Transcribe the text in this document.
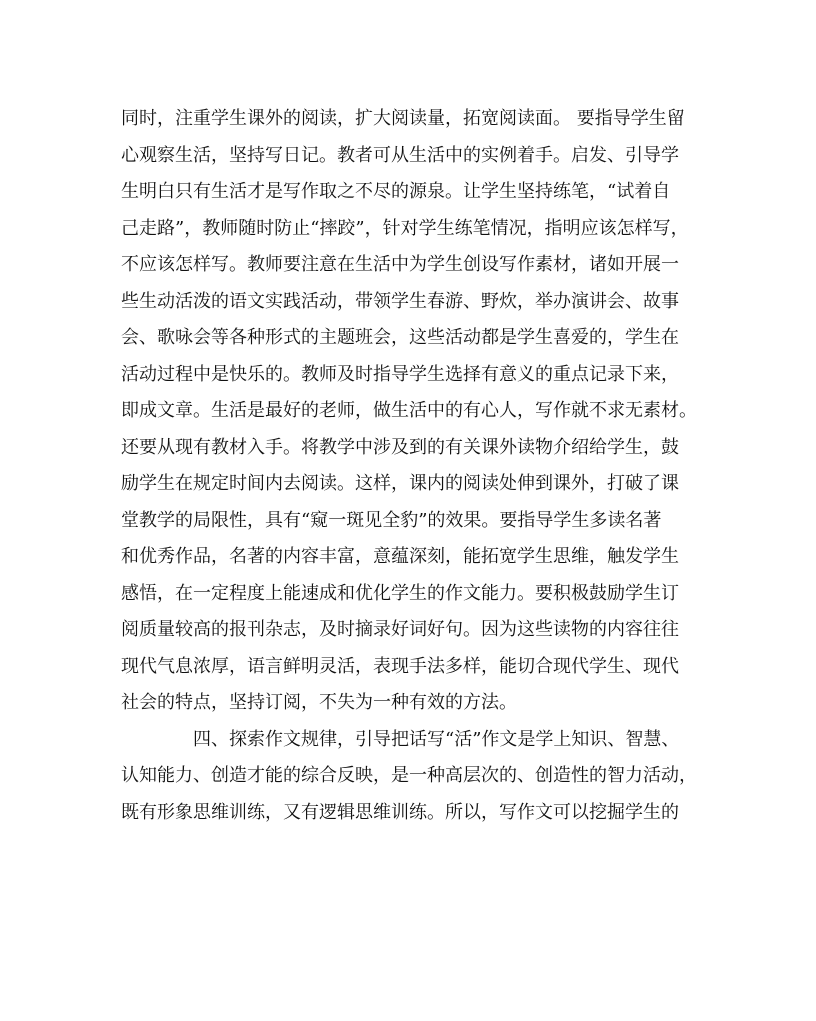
同时，注重学生课外的阅读，扩大阅读量，拓宽阅读面。 要指导学生留
心观察生活，坚持写日记。教者可从生活中的实例着手。启发、引导学
生明白只有生活才是写作取之不尽的源泉。让学生坚持练笔，“试着自
己走路”，教师随时防止“摔跤”，针对学生练笔情况，指明应该怎样写，
不应该怎样写。教师要注意在生活中为学生创设写作素材，诸如开展一
些生动活泼的语文实践活动，带领学生春游、野炊，举办演讲会、故事
会、歌咏会等各种形式的主题班会，这些活动都是学生喜爱的，学生在
活动过程中是快乐的。教师及时指导学生选择有意义的重点记录下来，
即成文章。生活是最好的老师，做生活中的有心人，写作就不求无素材。
还要从现有教材入手。将教学中涉及到的有关课外读物介绍给学生，鼓
励学生在规定时间内去阅读。这样，课内的阅读处伸到课外，打破了课
堂教学的局限性，具有“窥一斑见全豹”的效果。要指导学生多读名著
和优秀作品，名著的内容丰富，意蕴深刻，能拓宽学生思维，触发学生
感悟，在一定程度上能速成和优化学生的作文能力。要积极鼓励学生订
阅质量较高的报刊杂志，及时摘录好词好句。因为这些读物的内容往往
现代气息浓厚，语言鲜明灵活，表现手法多样，能切合现代学生、现代
社会的特点，坚持订阅，不失为一种有效的方法。
　　　　四、探索作文规律，引导把话写“活”作文是学上知识、智慧、
认知能力、创造才能的综合反映，是一种高层次的、创造性的智力活动，
既有形象思维训练，又有逻辑思维训练。所以，写作文可以挖掘学生的
